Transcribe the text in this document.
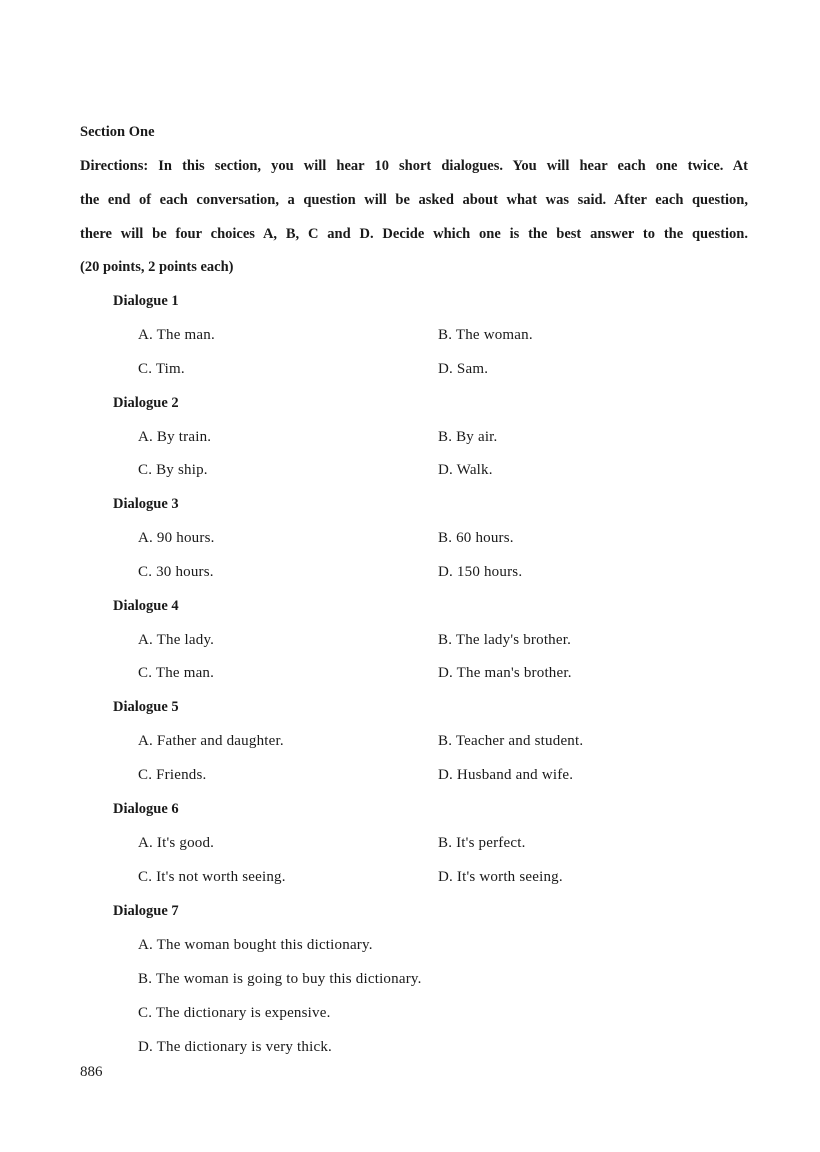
Section One
Directions: In this section, you will hear 10 short dialogues. You will hear each one twice. At
the end of each conversation, a question will be asked about what was said. After each question,
there will be four choices A, B, C and D. Decide which one is the best answer to the question.
(20 points, 2 points each)
Dialogue 1
A. The man.	B. The woman.
C. Tim.	D. Sam.
Dialogue 2
A. By train.	B. By air.
C. By ship.	D. Walk.
Dialogue 3
A. 90 hours.	B. 60 hours.
C. 30 hours.	D. 150 hours.
Dialogue 4
A. The lady.	B. The lady's brother.
C. The man.	D. The man's brother.
Dialogue 5
A. Father and daughter.	B. Teacher and student.
C. Friends.	D. Husband and wife.
Dialogue 6
A. It's good.	B. It's perfect.
C. It's not worth seeing.	D. It's worth seeing.
Dialogue 7
A. The woman bought this dictionary.
B. The woman is going to buy this dictionary.
C. The dictionary is expensive.
D. The dictionary is very thick.
886
